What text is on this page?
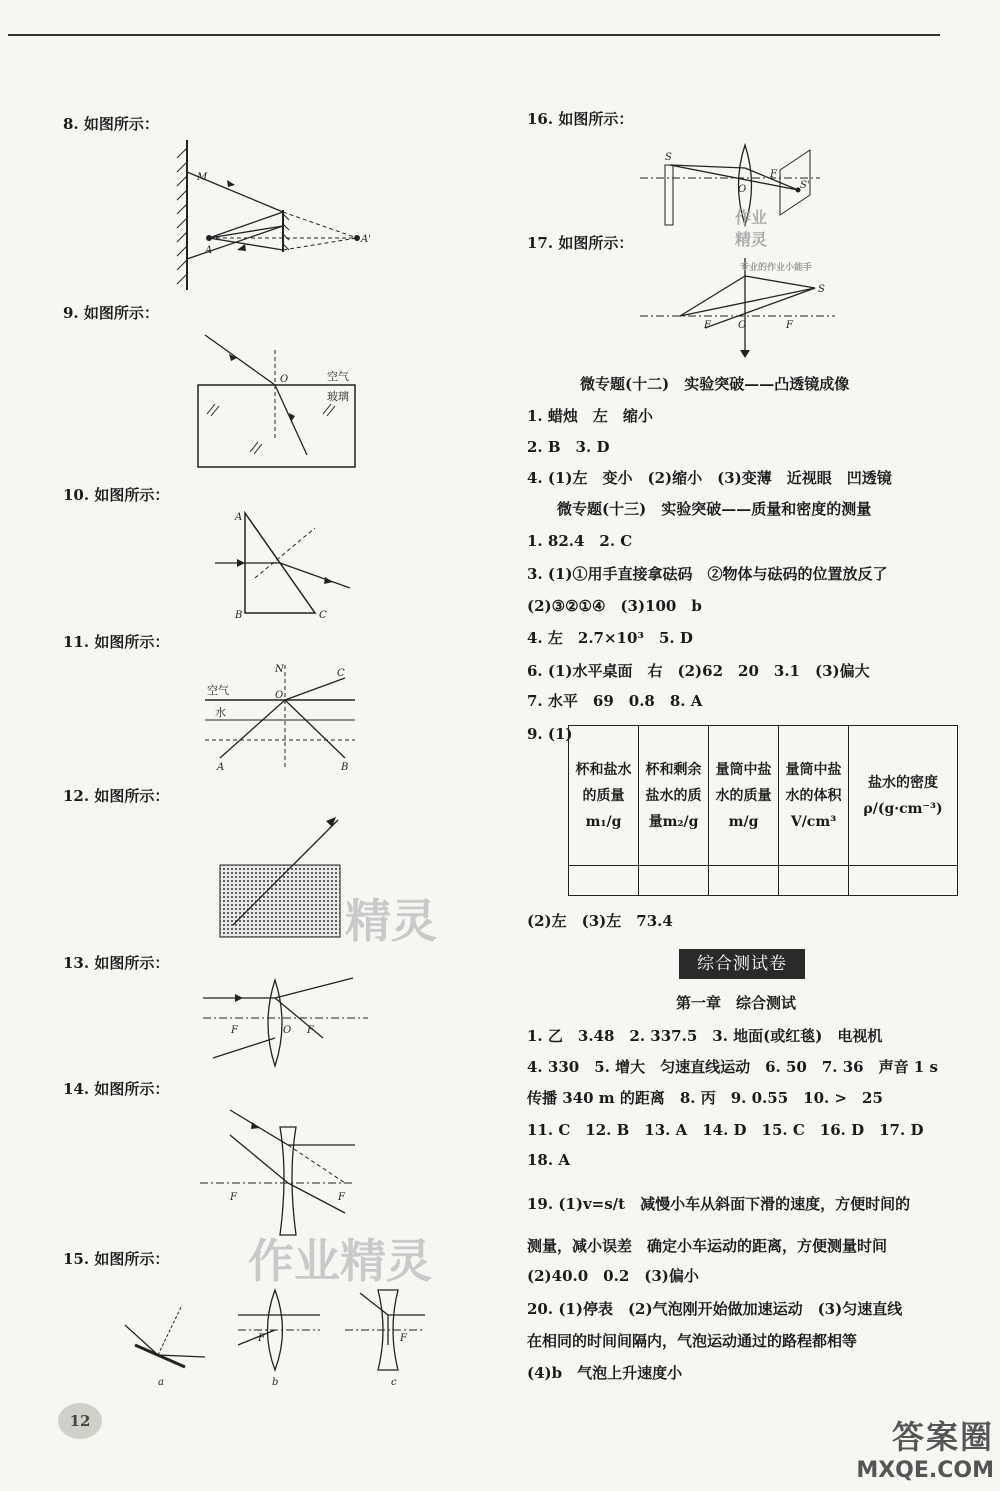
8. 如图所示：
9. 如图所示：
10. 如图所示：
11. 如图所示：
12. 如图所示：
13. 如图所示：
14. 如图所示：
15. 如图所示：
M
A
A'
O	空气
玻璃
A
B	C
N
O
C
A	B
空气
水
F	O F
F	F
a
F
b
F
c
16. 如图所示：
17. 如图所示：
S
O
F
S'
S
O
F	F
微专题(十二)　实验突破——凸透镜成像
1. 蜡烛　左　缩小
2. B　3. D
4. (1)左　变小　(2)缩小　(3)变薄　近视眼　凹透镜
微专题(十三)　实验突破——质量和密度的测量
1. 82.4　2. C
3. (1)①用手直接拿砝码　②物体与砝码的位置放反了
(2)③②①④　(3)100　b
4. 左　2.7×10³　5. D
6. (1)水平桌面　右　(2)62　20　3.1　(3)偏大
7. 水平　69　0.8　8. A
9. (1)
杯和盐水的质量m₁/g	杯和剩余盐水的质量m₂/g	量筒中盐水的质量m/g	量筒中盐水的体积V/cm³	盐水的密度ρ/(g·cm⁻³)

(2)左　(3)左　73.4
综合测试卷
第一章　综合测试
1. 乙　3.48　2. 337.5　3. 地面(或红毯)　电视机
4. 330　5. 增大　匀速直线运动　6. 50　7. 36　声音 1 s
传播 340 m 的距离　8. 丙　9. 0.55　10. >　25
11. C　12. B　13. A　14. D　15. C　16. D　17. D
18. A
19. (1)v=s/t　减慢小车从斜面下滑的速度，方便时间的
测量，减小误差　确定小车运动的距离，方便测量时间
(2)40.0　0.2　(3)偏小
20. (1)停表　(2)气泡刚开始做加速运动　(3)匀速直线
在相同的时间间隔内，气泡运动通过的路程都相等
(4)b　气泡上升速度小
作业
精灵
专业的作业小能手
精灵
作业精灵
12	答案圈
MXQE.COM
